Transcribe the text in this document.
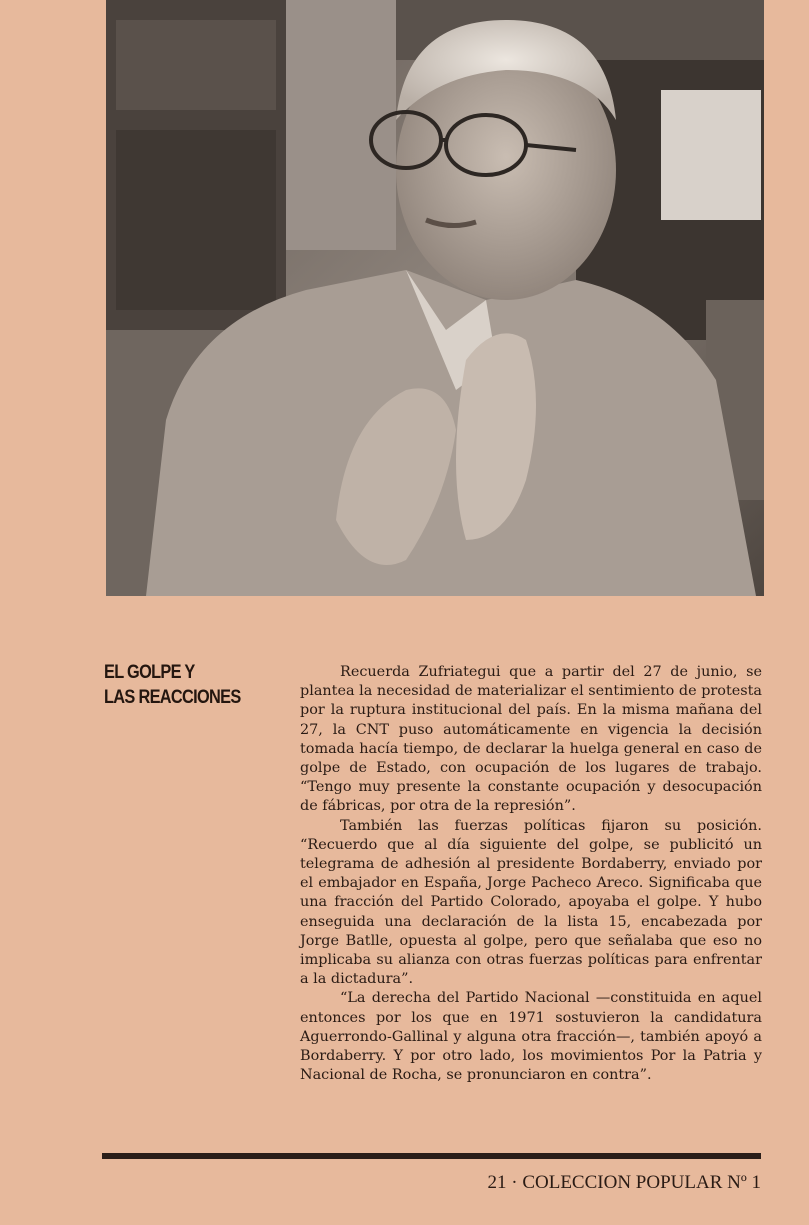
EL GOLPE Y
LAS REACCIONES

Recuerda Zufriategui que a partir del 27 de junio, se plantea la necesidad de materializar el sentimiento de protesta por la ruptura institucional del país. En la misma mañana del 27, la CNT puso automáticamente en vigencia la decisión tomada hacía tiempo, de declarar la huelga general en caso de golpe de Estado, con ocupación de los lugares de trabajo. “Tengo muy presente la constante ocupación y desocupación de fábricas, por otra de la represión”.

También las fuerzas políticas fijaron su posición. “Recuerdo que al día siguiente del golpe, se publicitó un telegrama de adhesión al presidente Bordaberry, enviado por el embajador en España, Jorge Pacheco Areco. Significaba que una fracción del Partido Colorado, apoyaba el golpe. Y hubo enseguida una declaración de la lista 15, encabezada por Jorge Batlle, opuesta al golpe, pero que señalaba que eso no implicaba su alianza con otras fuerzas políticas para enfrentar a la dictadura”.

“La derecha del Partido Nacional —constituida en aquel entonces por los que en 1971 sostuvieron la candidatura Aguerrondo-Gallinal y alguna otra fracción—, también apoyó a Bordaberry. Y por otro lado, los movimientos Por la Patria y Nacional de Rocha, se pronunciaron en contra”.

21 · COLECCION POPULAR Nº 1
